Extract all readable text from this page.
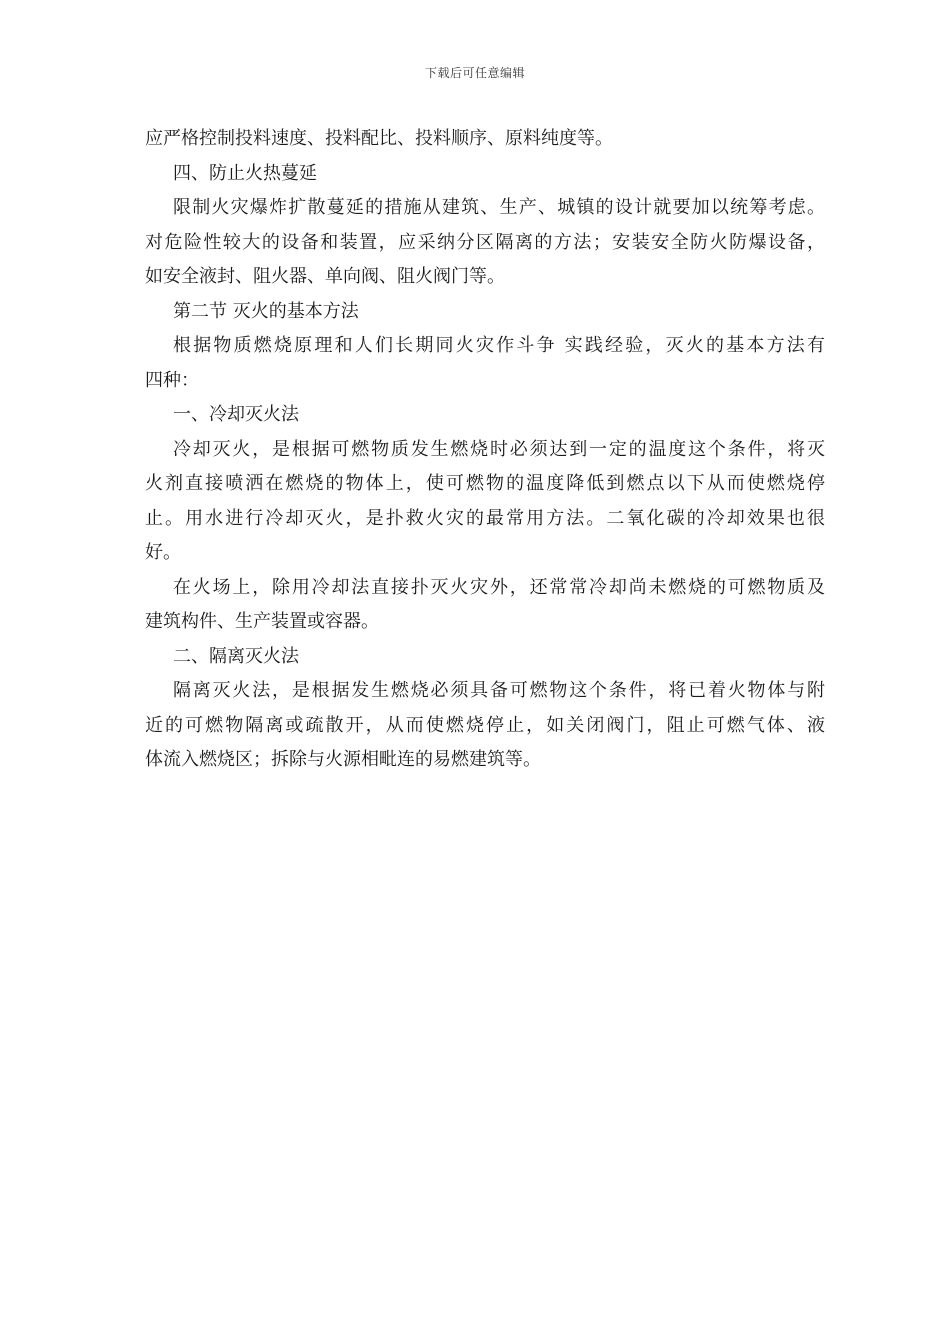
下载后可任意编辑
应严格控制投料速度、投料配比、投料顺序、原料纯度等。
四、防止火热蔓延
限制火灾爆炸扩散蔓延的措施从建筑、生产、城镇的设计就要加以统筹考虑。
对危险性较大的设备和装置，应采纳分区隔离的方法；安装安全防火防爆设备，
如安全液封、阻火器、单向阀、阻火阀门等。
第二节 灭火的基本方法
根据物质燃烧原理和人们长期同火灾作斗争 实践经验，灭火的基本方法有
四种：
一、冷却灭火法
冷却灭火，是根据可燃物质发生燃烧时必须达到一定的温度这个条件，将灭
火剂直接喷洒在燃烧的物体上，使可燃物的温度降低到燃点以下从而使燃烧停
止。用水进行冷却灭火，是扑救火灾的最常用方法。二氧化碳的冷却效果也很
好。
在火场上，除用冷却法直接扑灭火灾外，还常常冷却尚未燃烧的可燃物质及
建筑构件、生产装置或容器。
二、隔离灭火法
隔离灭火法，是根据发生燃烧必须具备可燃物这个条件，将已着火物体与附
近的可燃物隔离或疏散开，从而使燃烧停止，如关闭阀门，阻止可燃气体、液
体流入燃烧区；拆除与火源相毗连的易燃建筑等。
